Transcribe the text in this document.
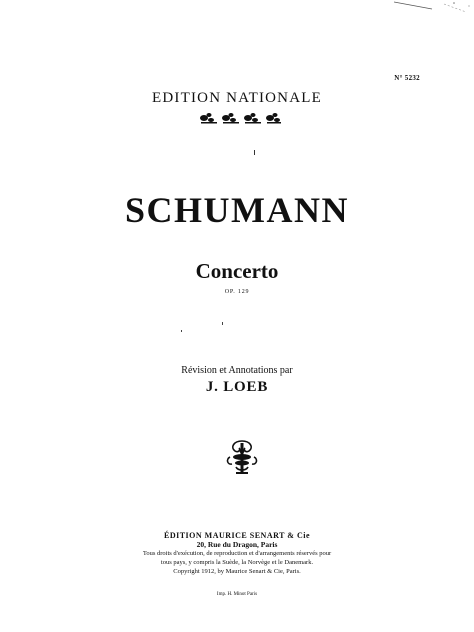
N° 5232
EDITION NATIONALE
SCHUMANN
Concerto
OP. 129
Révision et Annotations par
J. LOEB
ÉDITION MAURICE SENART & Cie
20, Rue du Dragon, Paris
Tous droits d'exécution, de reproduction et d'arrangements réservés pour
tous pays, y compris la Suède, la Norvège et le Danemark.
Copyright 1912, by Maurice Senart & Cie, Paris.
Imp. H. Minot Paris
